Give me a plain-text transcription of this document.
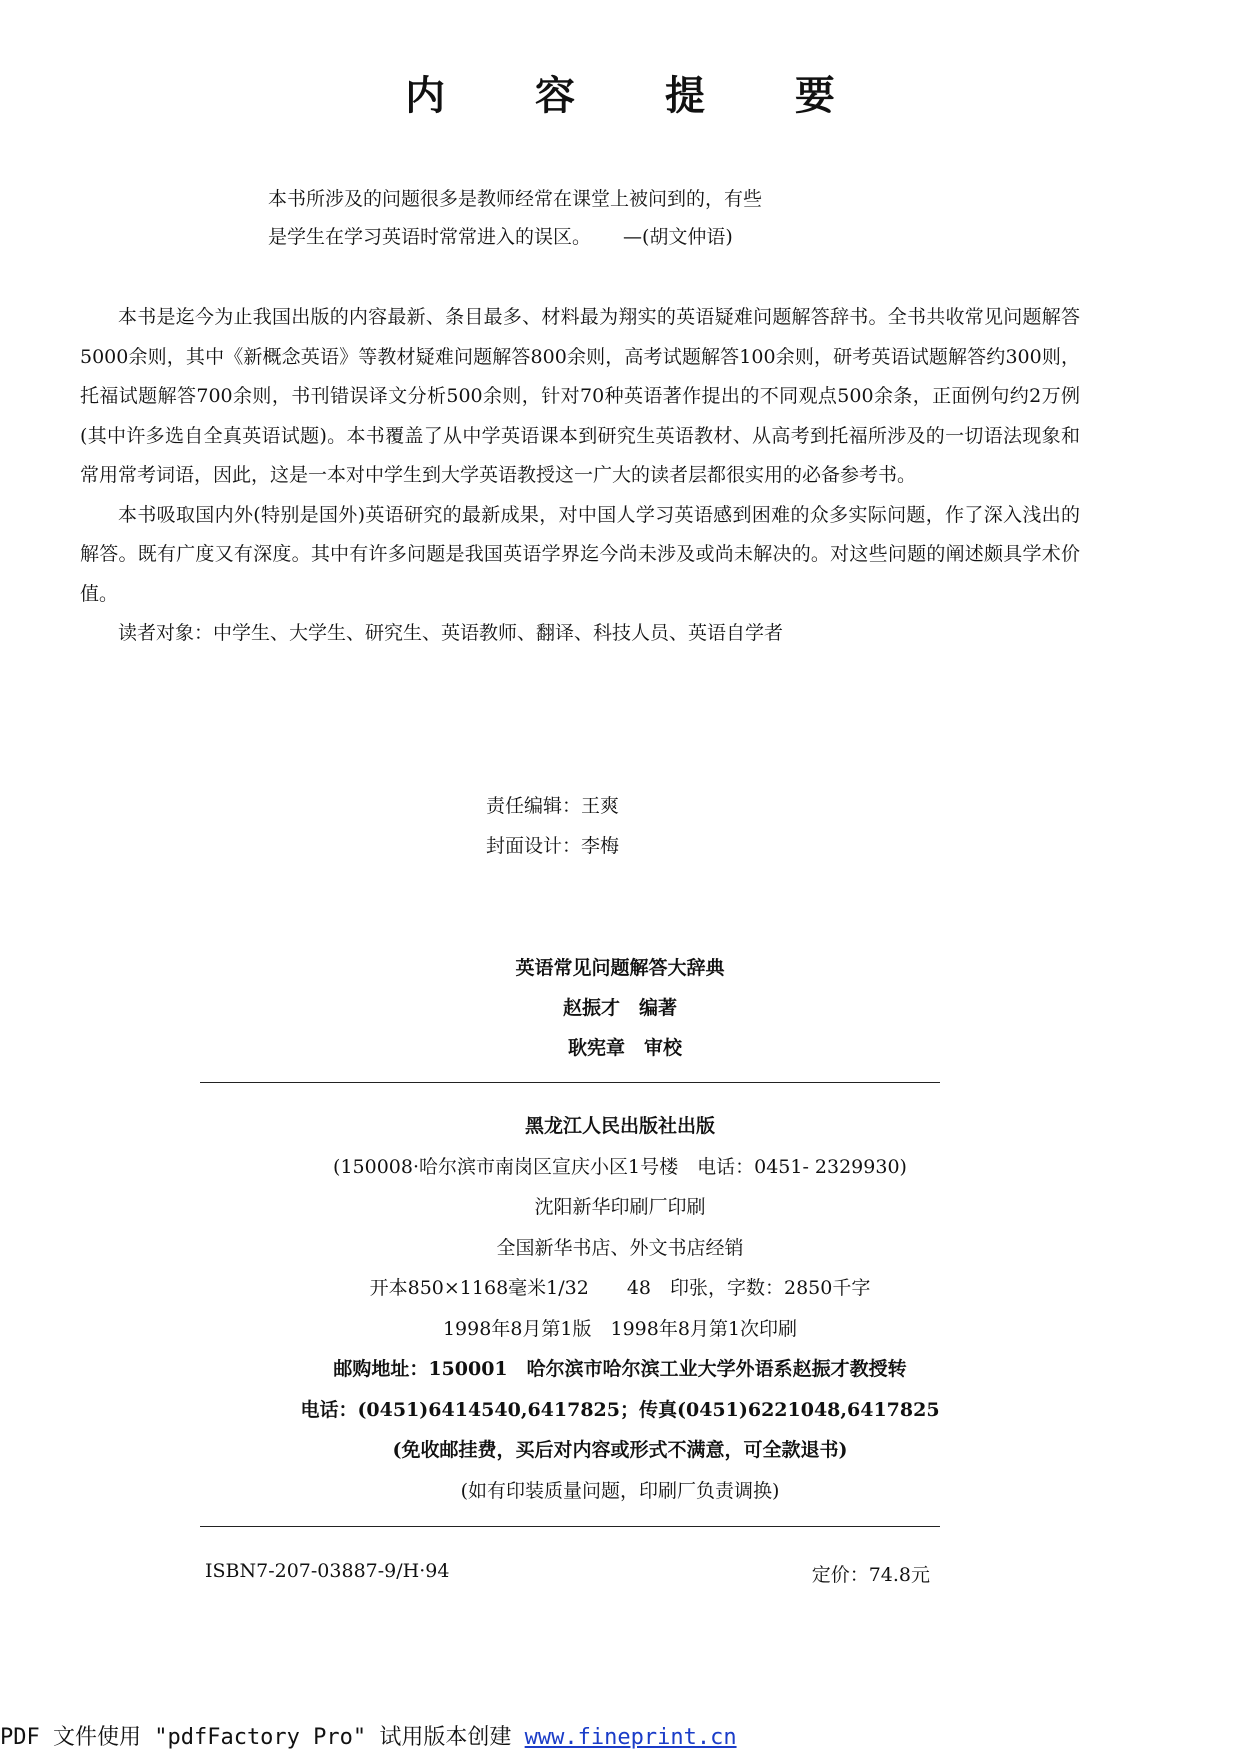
内 容 提 要
本书所涉及的问题很多是教师经常在课堂上被问到的，有些
是学生在学习英语时常常进入的误区。 —(胡文仲语)

本书是迄今为止我国出版的内容最新、条目最多、材料最为翔实的英语疑难问题解答辞书。全书共收常见问题解答5000余则，其中《新概念英语》等教材疑难问题解答800余则，高考试题解答100余则，研考英语试题解答约300则，托福试题解答700余则，书刊错误译文分析500余则，针对70种英语著作提出的不同观点500余条，正面例句约2万例(其中许多选自全真英语试题)。本书覆盖了从中学英语课本到研究生英语教材、从高考到托福所涉及的一切语法现象和常用常考词语，因此，这是一本对中学生到大学英语教授这一广大的读者层都很实用的必备参考书。

本书吸取国内外(特别是国外)英语研究的最新成果，对中国人学习英语感到困难的众多实际问题，作了深入浅出的解答。既有广度又有深度。其中有许多问题是我国英语学界迄今尚未涉及或尚未解决的。对这些问题的阐述颇具学术价值。

读者对象：中学生、大学生、研究生、英语教师、翻译、科技人员、英语自学者

责任编辑：王爽
封面设计：李梅
英语常见问题解答大辞典
赵振才　编著
耿宪章　审校
黑龙江人民出版社出版
(150008·哈尔滨市南岗区宣庆小区1号楼　电话：0451- 2329930)
沈阳新华印刷厂印刷
全国新华书店、外文书店经销
开本850×1168毫米1/32　　48　印张，字数：2850千字
1998年8月第1版　1998年8月第1次印刷
邮购地址：150001　哈尔滨市哈尔滨工业大学外语系赵振才教授转
电话：(0451)6414540,6417825；传真(0451)6221048,6417825
(免收邮挂费，买后对内容或形式不满意，可全款退书)
(如有印装质量问题，印刷厂负责调换)
ISBN7-207-03887-9/H·94	定价：74.8元
PDF 文件使用 "pdfFactory Pro" 试用版本创建 www.fineprint.cn
